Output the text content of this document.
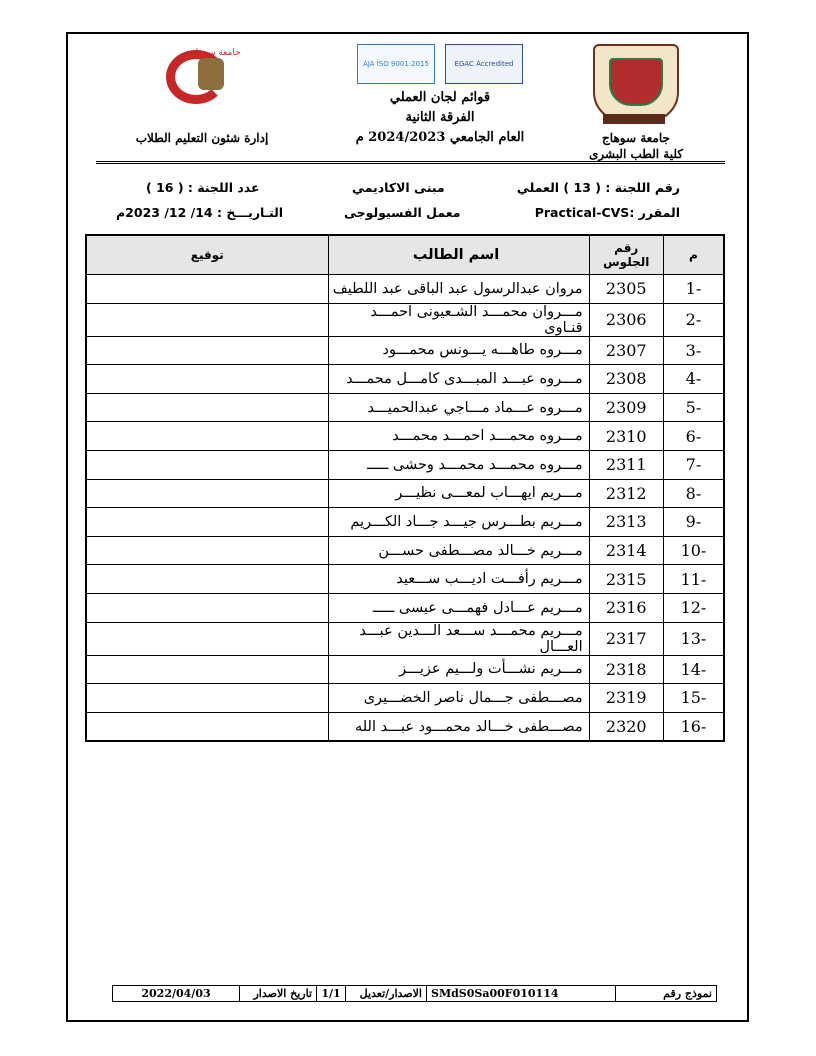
جامعة سوهاج
كلية الطب البشرى
AJA ISO 9001:2015	EGAC Accredited
قوائم لجان العملي
الفرقة الثانية
العام الجامعي 2024/2023 م
جامعة سوهاج
إدارة شئون التعليم الطلاب
رقم اللجنة : ( 13 ) العملي
المقرر :Practical-CVS
مبنى الاكاديمي
معمل الفسيولوجى
عدد اللجنة : ( 16 )
التـاريـــخ : 14/ 12/ 2023م
م	رقم الجلوس	اسم الطالب	توقيع
1-	2305	مروان عبدالرسول عبد الباقى عبد اللطيف	
2-	2306	مـــروان محمـــد الشـعيونى احمـــد قنـاوى	
3-	2307	مـــروه طاهـــه يـــونس محمـــود	
4-	2308	مـــروه عبـــد المبـــدى كامـــل محمـــد	
5-	2309	مـــروه عـــماد مـــاجي عبدالحميـــد	
6-	2310	مـــروه محمـــد احمـــد محمـــد	
7-	2311	مـــروه محمـــد محمـــد وحشى ـــــ	
8-	2312	مـــريم ايهـــاب لمعـــى نظيـــر	
9-	2313	مـــريم بطـــرس جيـــد جـــاد الكـــريم	
10-	2314	مـــريم خـــالد مصـــطفى حســـن	
11-	2315	مـــريم رأفـــت اديـــب ســـعيد	
12-	2316	مـــريم عـــادل فهمـــى عيسى ـــــ	
13-	2317	مـــريم محمـــد ســـعد الـــدين عبـــد العـــال	
14-	2318	مـــريم نشـــأت ولـــيم عزيـــز	
15-	2319	مصـــطفى جـــمال ناصر الخضـــيرى	
16-	2320	مصـــطفى خـــالد محمـــود عبـــد الله	
نموذج رقم	SMdS0Sa00F010114	الاصدار/تعديل	1/1	تاريخ الاصدار	2022/04/03
